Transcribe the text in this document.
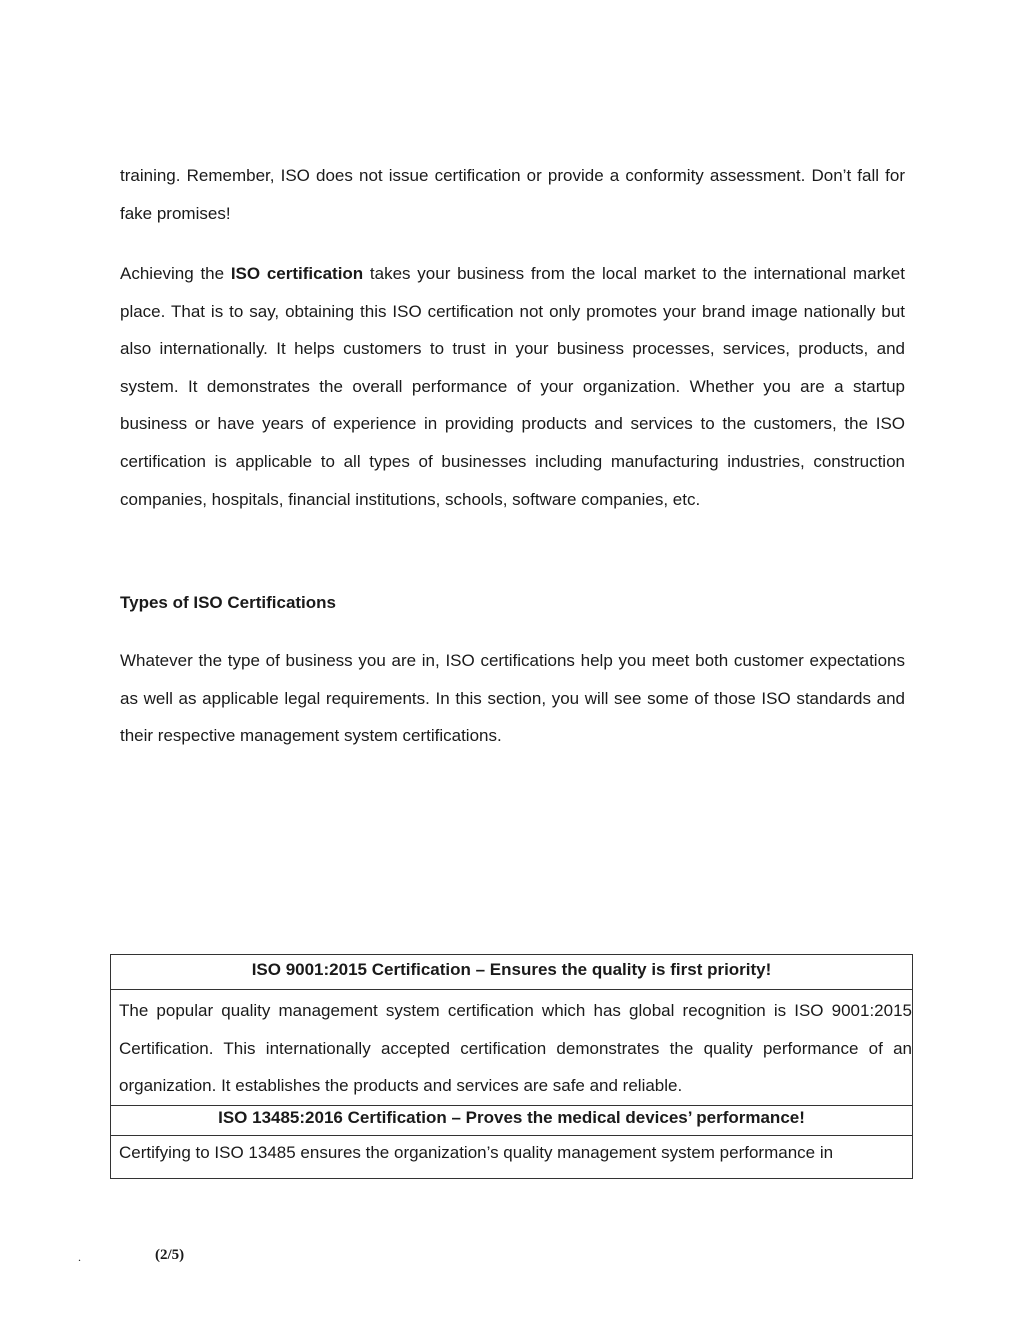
training. Remember, ISO does not issue certification or provide a conformity assessment. Don’t fall for fake promises!

Achieving the ISO certification takes your business from the local market to the international market place. That is to say, obtaining this ISO certification not only promotes your brand image nationally but also internationally. It helps customers to trust in your business processes, services, products, and system. It demonstrates the overall performance of your organization. Whether you are a startup business or have years of experience in providing products and services to the customers, the ISO certification is applicable to all types of businesses including manufacturing industries, construction companies, hospitals, financial institutions, schools, software companies, etc.

Types of ISO Certifications

Whatever the type of business you are in, ISO certifications help you meet both customer expectations as well as applicable legal requirements. In this section, you will see some of those ISO standards and their respective management system certifications.

ISO 9001:2015 Certification – Ensures the quality is first priority!

The popular quality management system certification which has global recognition is ISO 9001:2015 Certification. This internationally accepted certification demonstrates the quality performance of an organization. It establishes the products and services are safe and reliable.

ISO 13485:2016 Certification – Proves the medical devices’ performance!

Certifying to ISO 13485 ensures the organization’s quality management system performance in

.	(2/5)
